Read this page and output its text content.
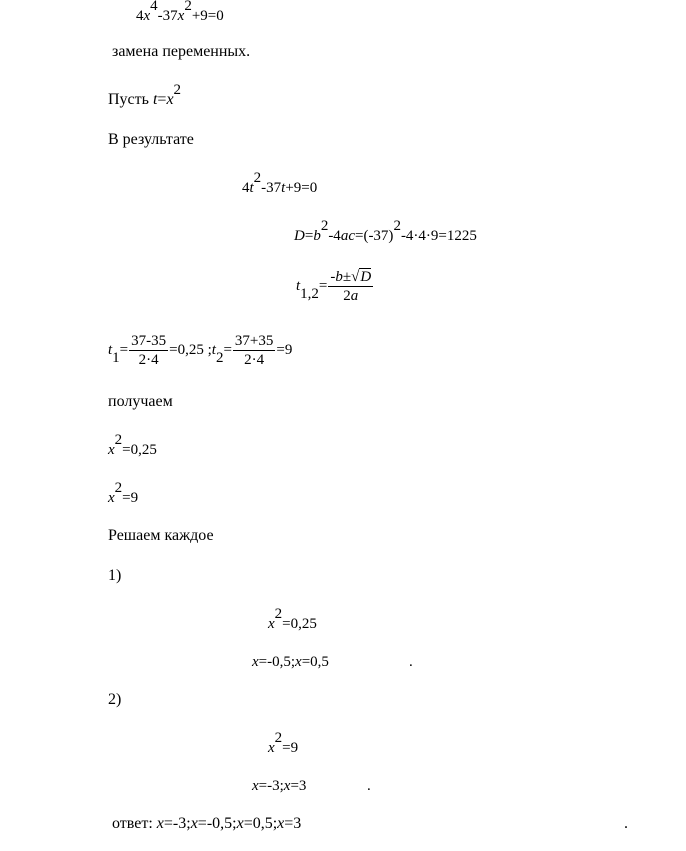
4x4-37x2+9=0
замена переменных.
Пусть t=x2
В результате
4t2-37t+9=0
D=b2-4ac=(-37)2-4·4·9=1225
$t1,2= \frac{-b\pm√D}{2a}$
$t1= \frac{37-35}{2\cdot 4} =0,25$ ;t2= $\frac{37+35}{2\cdot 4} =9$
получаем
x2=0,25
x2=9
Решаем каждое
1)
x2=0,25
x=-0,5;x=0,5	.
2)
x2=9
x=-3;x=3	.
ответ: x=-3;x=-0,5;x=0,5;x=3	.
